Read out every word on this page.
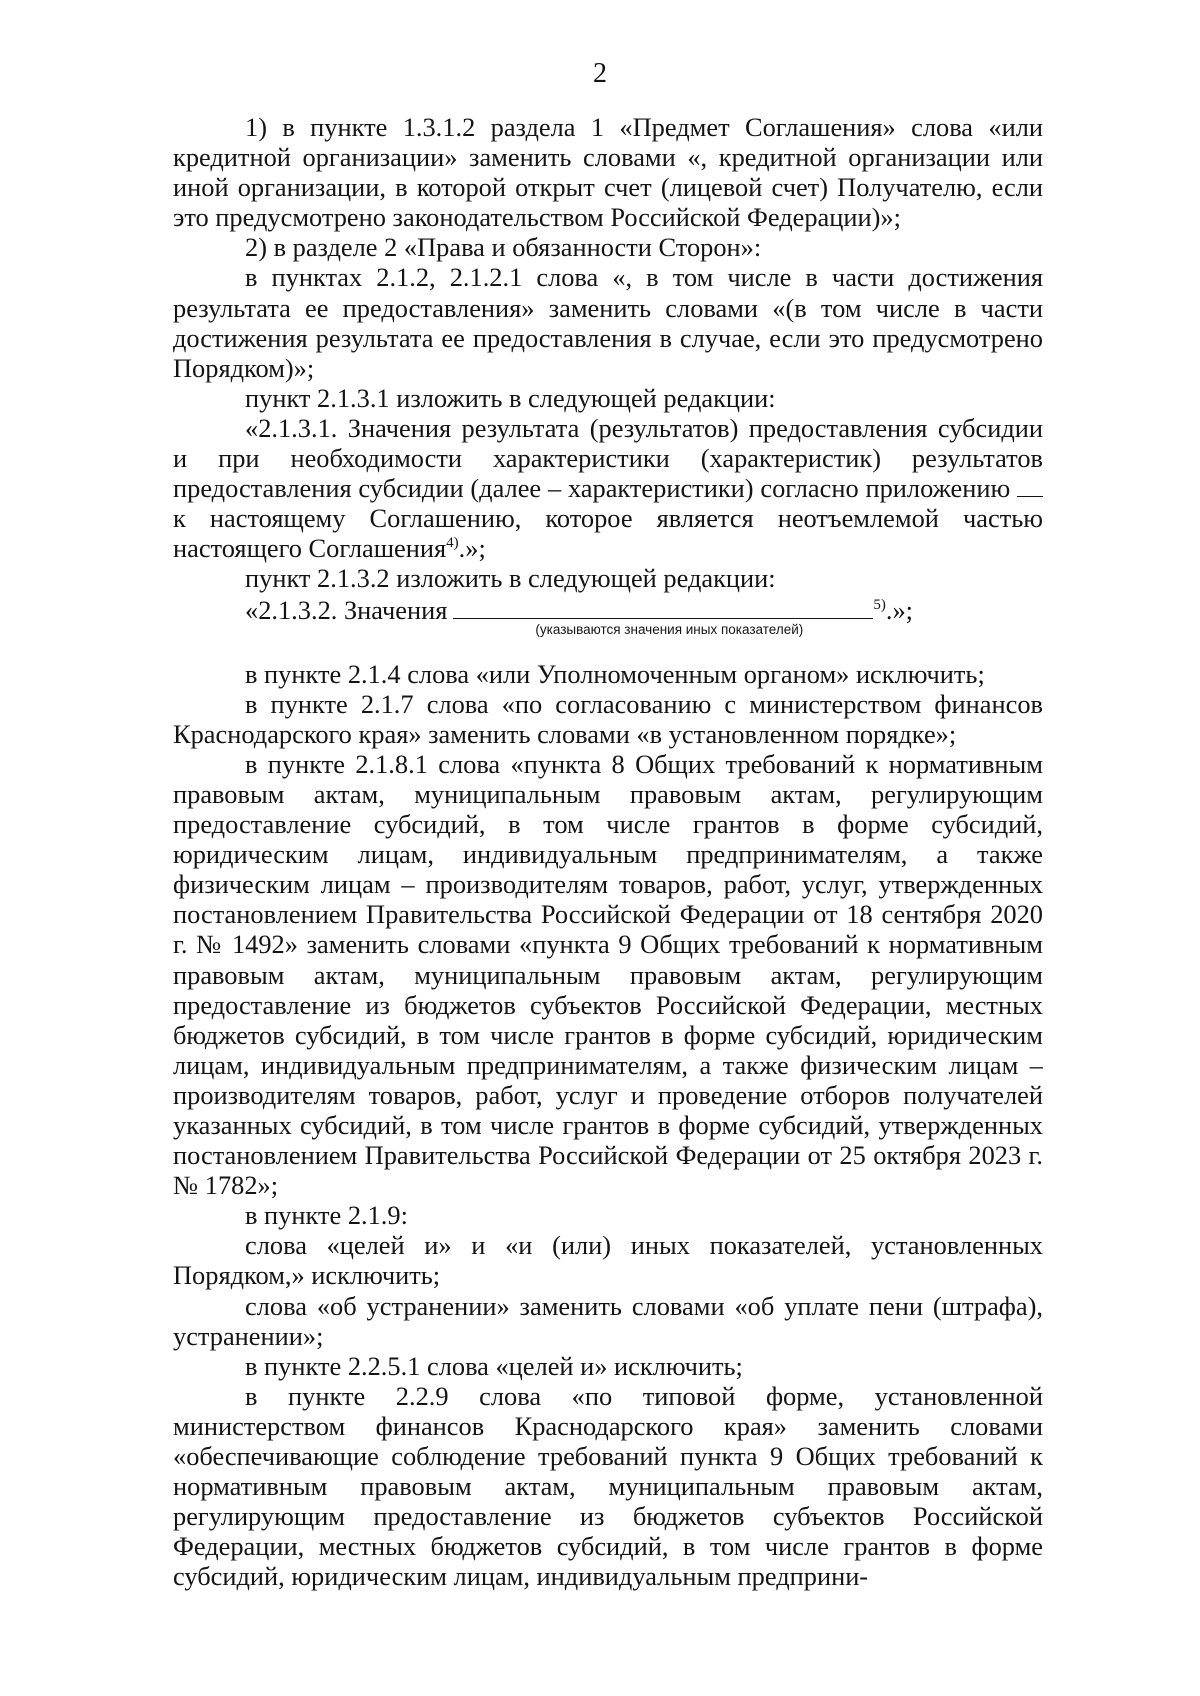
2

1) в пункте 1.3.1.2 раздела 1 «Предмет Соглашения» слова «или кредитной организации» заменить словами «, кредитной организации или иной организации, в которой открыт счет (лицевой счет) Получателю, если это предусмотрено законодательством Российской Федерации)»;

2) в разделе 2 «Права и обязанности Сторон»:

в пунктах 2.1.2, 2.1.2.1 слова «, в том числе в части достижения результата ее предоставления» заменить словами «(в том числе в части достижения результата ее предоставления в случае, если это предусмотрено Порядком)»;

пункт 2.1.3.1 изложить в следующей редакции:

«2.1.3.1. Значения результата (результатов) предоставления субсидии и при необходимости характеристики (характеристик) результатов предоставления субсидии (далее – характеристики) согласно приложению  к настоящему Соглашению, которое является неотъемлемой частью настоящего Соглашения$^{4)}$.»;

пункт 2.1.3.2 изложить в следующей редакции:

«2.1.3.2. Значения
(указываются значения иных показателей)
$^{5)}$.»;

в пункте 2.1.4 слова «или Уполномоченным органом» исключить;

в пункте 2.1.7 слова «по согласованию с министерством финансов Краснодарского края» заменить словами «в установленном порядке»;

в пункте 2.1.8.1 слова «пункта 8 Общих требований к нормативным правовым актам, муниципальным правовым актам, регулирующим предоставление субсидий, в том числе грантов в форме субсидий, юридическим лицам, индивидуальным предпринимателям, а также физическим лицам – производителям товаров, работ, услуг, утвержденных постановлением Правительства Российской Федерации от 18 сентября 2020 г. № 1492» заменить словами «пункта 9 Общих требований к нормативным правовым актам, муниципальным правовым актам, регулирующим предоставление из бюджетов субъектов Российской Федерации, местных бюджетов субсидий, в том числе грантов в форме субсидий, юридическим лицам, индивидуальным предпринимателям, а также физическим лицам – производителям товаров, работ, услуг и проведение отборов получателей указанных субсидий, в том числе грантов в форме субсидий, утвержденных постановлением Правительства Российской Федерации от 25 октября 2023 г. № 1782»;

в пункте 2.1.9:

слова «целей и» и «и (или) иных показателей, установленных Порядком,» исключить;

слова «об устранении» заменить словами «об уплате пени (штрафа), устранении»;

в пункте 2.2.5.1 слова «целей и» исключить;

в пункте 2.2.9 слова «по типовой форме, установленной министерством финансов Краснодарского края» заменить словами «обеспечивающие соблюдение требований пункта 9 Общих требований к нормативным правовым актам, муниципальным правовым актам, регулирующим предоставление из бюджетов субъектов Российской Федерации, местных бюджетов субсидий, в том числе грантов в форме субсидий, юридическим лицам, индивидуальным предприни-
